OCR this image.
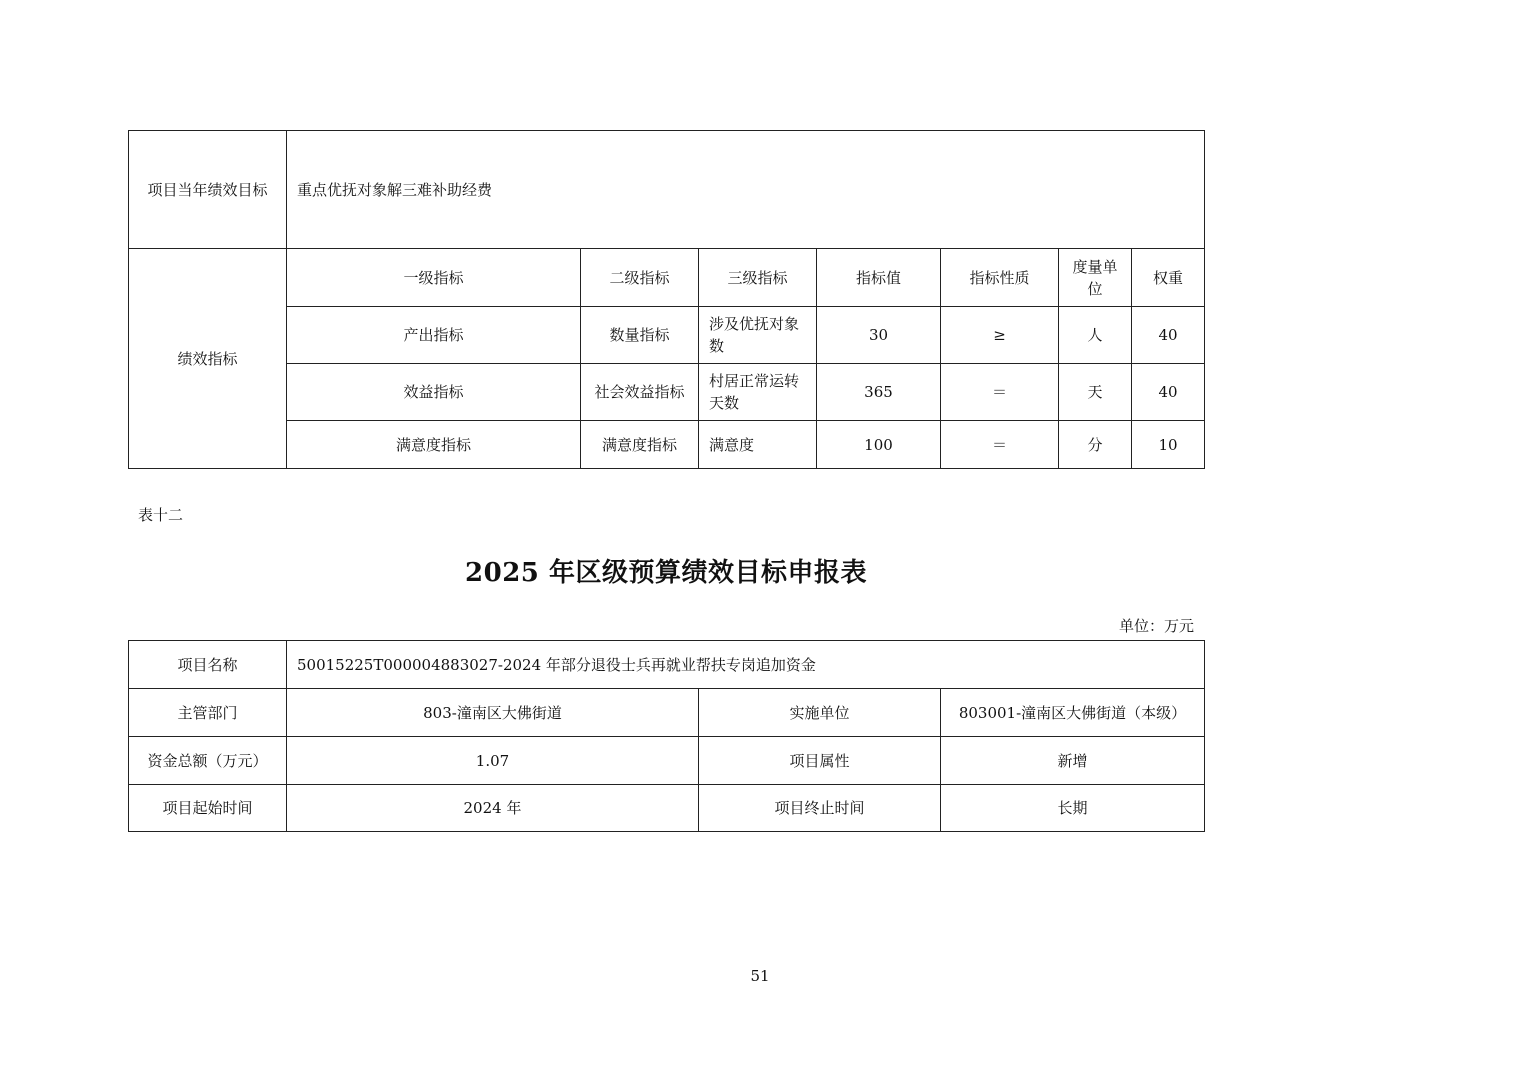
项目当年绩效目标	重点优抚对象解三难补助经费						
绩效指标	一级指标	二级指标	三级指标	指标值	指标性质	度量单位	权重
	产出指标	数量指标	涉及优抚对象数	30	≥	人	40
	效益指标	社会效益指标	村居正常运转天数	365	＝	天	40
	满意度指标	满意度指标	满意度	100	＝	分	10
表十二
2025 年区级预算绩效目标申报表
单位：万元
项目名称	50015225T000004883027-2024 年部分退役士兵再就业帮扶专岗追加资金		
主管部门	803-潼南区大佛街道	实施单位	803001-潼南区大佛街道（本级）
资金总额（万元）	1.07	项目属性	新增
项目起始时间	2024 年	项目终止时间	长期
51
